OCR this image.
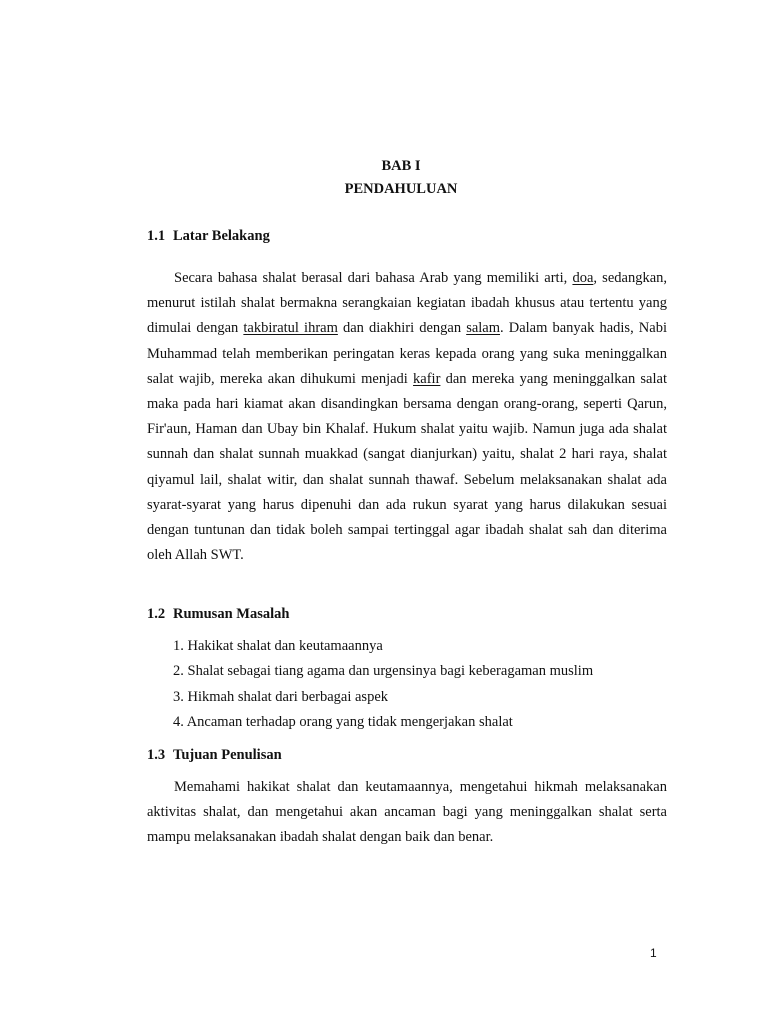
BAB I

PENDAHULUAN

1.1 Latar Belakang

Secara bahasa shalat berasal dari bahasa Arab yang memiliki arti, doa, sedangkan, menurut istilah shalat bermakna serangkaian kegiatan ibadah khusus atau tertentu yang dimulai dengan takbiratul ihram dan diakhiri dengan salam. Dalam banyak hadis, Nabi Muhammad telah memberikan peringatan keras kepada orang yang suka meninggalkan salat wajib, mereka akan dihukumi menjadi kafir dan mereka yang meninggalkan salat maka pada hari kiamat akan disandingkan bersama dengan orang-orang, seperti Qarun, Fir'aun, Haman dan Ubay bin Khalaf. Hukum shalat yaitu wajib. Namun juga ada shalat sunnah dan shalat sunnah muakkad (sangat dianjurkan) yaitu, shalat 2 hari raya, shalat qiyamul lail, shalat witir, dan shalat sunnah thawaf. Sebelum melaksanakan shalat ada syarat-syarat yang harus dipenuhi dan ada rukun syarat yang harus dilakukan sesuai dengan tuntunan dan tidak boleh sampai tertinggal agar ibadah shalat sah dan diterima oleh Allah SWT.

1.2 Rumusan Masalah
1. Hakikat shalat dan keutamaannya
2. Shalat sebagai tiang agama dan urgensinya bagi keberagaman muslim
3. Hikmah shalat dari berbagai aspek
4. Ancaman terhadap orang yang tidak mengerjakan shalat
1.3 Tujuan Penulisan

Memahami hakikat shalat dan keutamaannya, mengetahui hikmah melaksanakan aktivitas shalat, dan mengetahui akan ancaman bagi yang meninggalkan shalat serta mampu melaksanakan ibadah shalat dengan baik dan benar.

1
